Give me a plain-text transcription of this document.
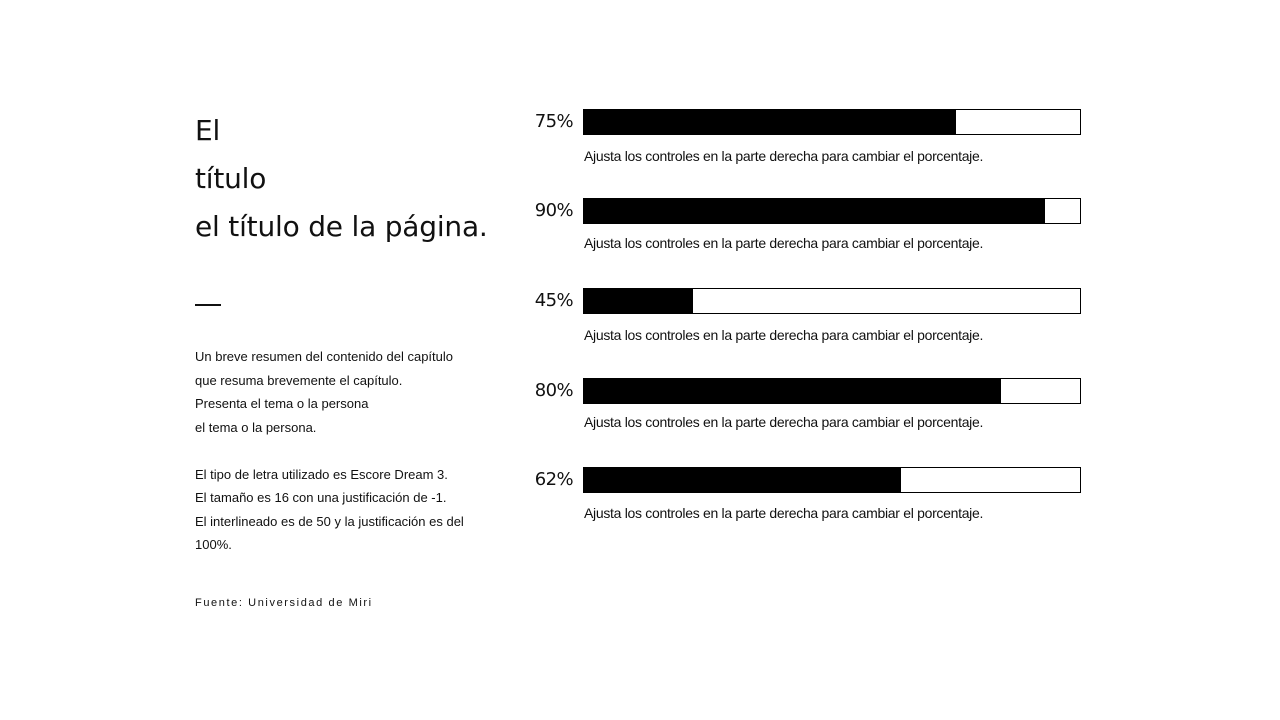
El
título
el título de la página.
Un breve resumen del contenido del capítulo
que resuma brevemente el capítulo.
Presenta el tema o la persona
el tema o la persona.
El tipo de letra utilizado es Escore Dream 3.
El tamaño es 16 con una justificación de -1.
El interlineado es de 50 y la justificación es del
100%.
Fuente: Universidad de Miri
75%
Ajusta los controles en la parte derecha para cambiar el porcentaje.
90%
Ajusta los controles en la parte derecha para cambiar el porcentaje.
45%
Ajusta los controles en la parte derecha para cambiar el porcentaje.
80%
Ajusta los controles en la parte derecha para cambiar el porcentaje.
62%
Ajusta los controles en la parte derecha para cambiar el porcentaje.
